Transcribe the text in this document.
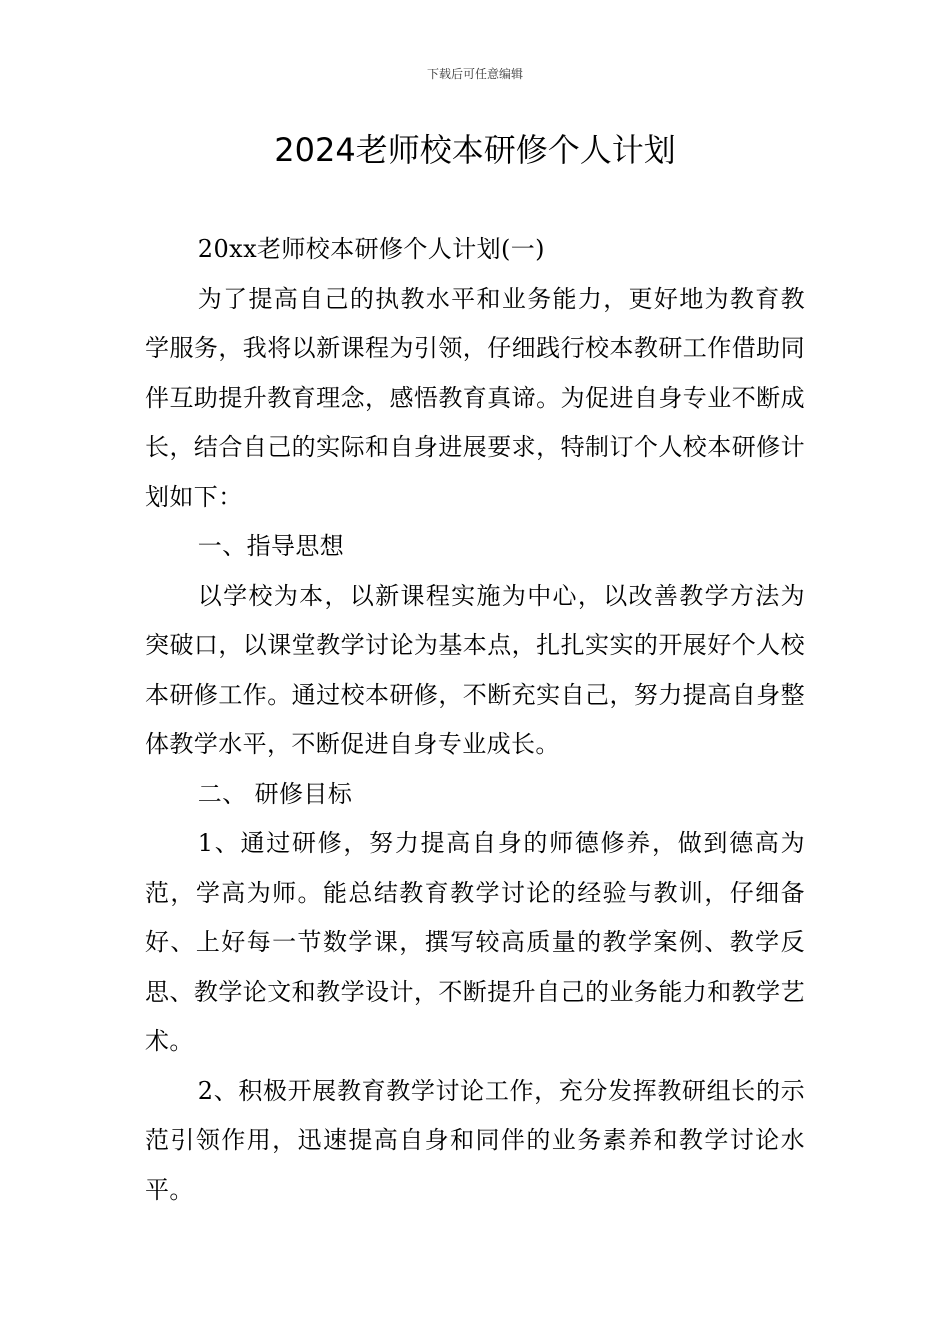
下载后可任意编辑
2024老师校本研修个人计划

20xx老师校本研修个人计划(一)

为了提高自己的执教水平和业务能力，更好地为教育教学服务，我将以新课程为引领，仔细践行校本教研工作借助同伴互助提升教育理念，感悟教育真谛。为促进自身专业不断成长，结合自己的实际和自身进展要求，特制订个人校本研修计划如下：

一、指导思想

以学校为本，以新课程实施为中心，以改善教学方法为突破口，以课堂教学讨论为基本点，扎扎实实的开展好个人校本研修工作。通过校本研修，不断充实自己，努力提高自身整体教学水平，不断促进自身专业成长。

二、 研修目标

1、通过研修，努力提高自身的师德修养，做到德高为范，学高为师。能总结教育教学讨论的经验与教训，仔细备好、上好每一节数学课，撰写较高质量的教学案例、教学反思、教学论文和教学设计，不断提升自己的业务能力和教学艺术。

2、积极开展教育教学讨论工作，充分发挥教研组长的示范引领作用，迅速提高自身和同伴的业务素养和教学讨论水平。
